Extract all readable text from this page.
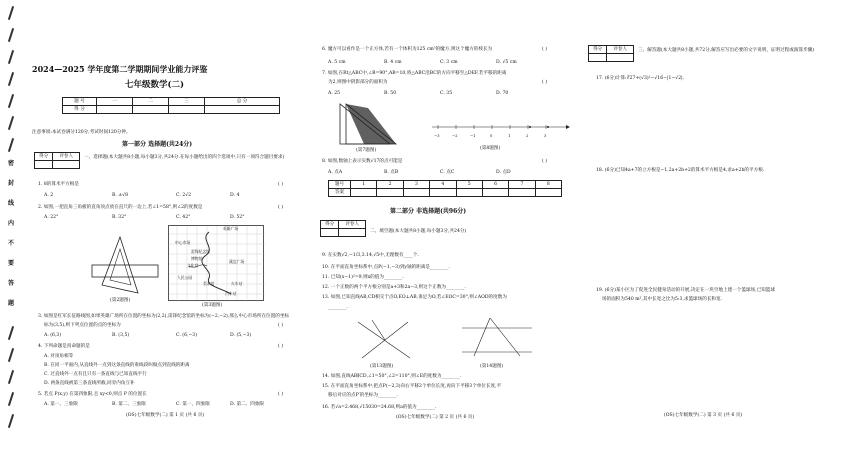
密
封
线
内
不
要
答
题
2024—2025 学年度第二学期期间学业能力评鉴
七年级数学(二)
题 号	一	二	三	总 分
得 分				
注意事项:本试卷满分120分,考试时间120分钟。
第一部分 选择题(共24分)
得分	评卷人
	一、选择题(本大题共8小题,每小题3分,共24分.在每小题给出的四个选项中,只有一项符合题目要求)
1. 8的算术平方根是	( )
A. 2	B. ±√8	C. 2√2	D. 4
2. 如图,一把直角三角板的直角顶点放在直尺的一边上,若∠1=58°,则∠2的度数是	( )
A. 22°	B. 32°	C. 42°	D. 52°
(第2题图)
英雄广场
中心市场
雷锋纪念馆
博物馆
文化宫
溪边广场
人民公园
美术馆	火车站
汽车站
(第3题图)
3. 如图是红军长征路线图,如果英雄广场所在位置的坐标为(2,2),雷锋纪念馆的坐标为(−2,−2),那么中心市场所在位置的坐标
标为(3,5),则下列点位置的点的坐标为	( )
A. (6,3)	B. (3,5)	C. (6,−3)	D. (5,−3)
4. 下列命题是真命题的是	( )
A. 对顶角相等
B. 在同一平面内,从直线外一点到这条直线的垂线段叫做点到直线的距离
C. 过直线外一点有且只有一条直线与已知直线平行
D. 两条直线被第三条直线所截,同旁内角互补
5. 若点 P(x,y) 在第四象限,且 xy<0,则点 P 的位置在	( )
A. 第一、三象限	B. 第二、三象限	C. 第一、四象限	D. 第二、四象限
(OS)七年级数学(二) 第 1 页 (共 6 页)
6. 魔方可以看作是一个正方体,若有一个体积为125 cm³的魔方,则这个魔方的棱长为	( )
A. 5 cm	B. 4 cm	C. 3 cm	D. √5 cm
7. 如图,在Rt△ABC中,∠B=90°,AB=10,将△ABC沿BC的方向平移至△DEF,若平移的距离
为2,则图中阴影部分的面积为	( )
A. 25	B. 50	C. 35	D. 70
(第7题图)
−3	−2	−1	0	1	2	3
(第8题图)
8. 如图,数轴上表示实数√17的点可能是	( )
A. 点A	B. 点B	C. 点C	D. 点D
题号	1	2	3	4	5	6	7	8
答案								
第二部分 非选择题(共96分)
得分	评卷人

二、填空题(本大题共8小题,每小题3分,共24分)
9. 在实数√2,−1/3,3.14,√5中,无理数有____个.
10. 在平面直角坐标系中,点P(−1,−3)到y轴的距离是________.
11. 已知(x−1)²=9,则x的值为________.
12. 一个正数的两个平方根分别是a+3和2a−3,则这个正数为________.
13. 如图,已知直线AB,CD相交于点O,EO⊥AB,垂足为O,若∠EOC=30°,则∠AOD的度数为
________.
(第13题图)	(第14题图)
14. 如图,直线AB∥CD,∠1=50°,∠2=110°,则∠E的度数为________.
15. 在平面直角坐标系中,把点P(−2,3)向右平移2个单位长度,再向下平移3个单位长度,平
移后对应的点P′的坐标为________.
16. 若√a=2.468,√15030=24.68,则a的值为________.
(OS)七年级数学(二) 第 2 页 (共 6 页)
得分	评卷人
	三、解答题(本大题共8小题,共72分,解答应写出必要的文字说明、证明过程或演算步骤)
17. (6分)计算:∛27+(√3)²−√16−|1−√2|.
18. (6分)已知4a+7的立方根是−1,2a+2b+2的算术平方根是4,求a+2b的平方根.
19. (6分)某小区为了促进全民健身活动的开展,决定在一块空地上建一个篮球场,已知篮球
场的面积为540 m²,其中长宽之比为5:3,求篮球场的长和宽.
(OS)七年级数学(二) 第 3 页 (共 6 页)
